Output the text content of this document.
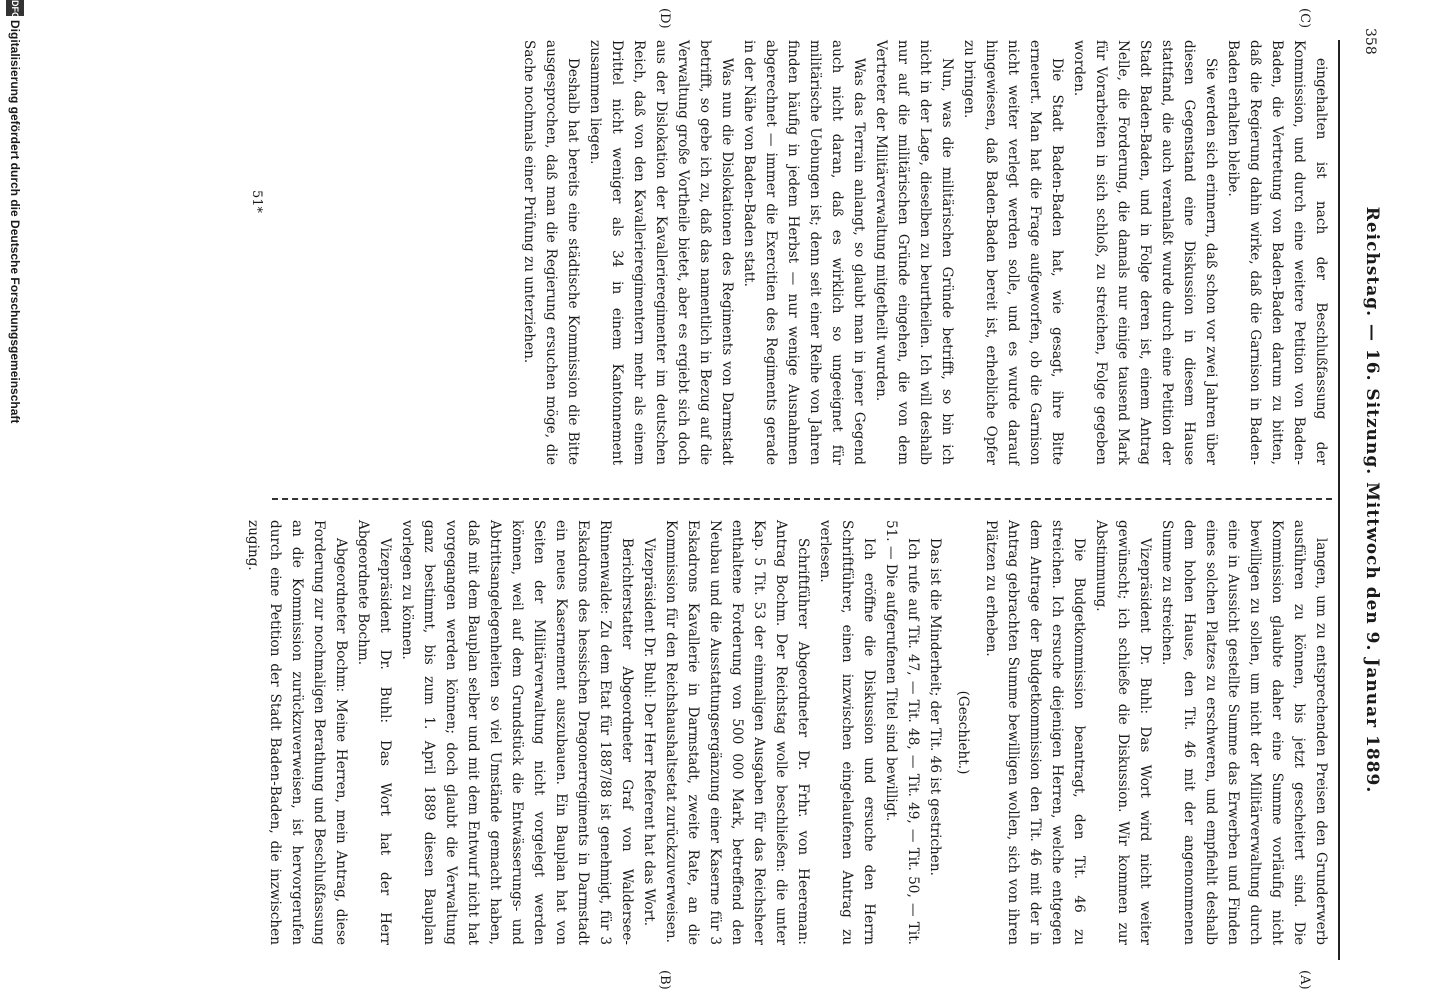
358
Reichstag. — 16. Sitzung. Mittwoch den 9. Januar 1889.
(C)
(D)
(A)
(B)

eingehalten ist nach der Beschlußfassung der Kommission, und durch eine weitere Petition von Baden-Baden, die Vertretung von Baden-Baden darum zu bitten, daß die Regierung dahin wirke, daß die Garnison in Baden-Baden erhalten bleibe.

Sie werden sich erinnern, daß schon vor zwei Jahren über diesen Gegenstand eine Diskussion in diesem Hause stattfand, die auch veranlaßt wurde durch eine Petition der Stadt Baden-Baden, und in Folge deren ist, einem Antrag Nelle, die Forderung, die damals nur einige tausend Mark für Vorarbeiten in sich schloß, zu streichen, Folge gegeben worden.

Die Stadt Baden-Baden hat, wie gesagt, ihre Bitte erneuert. Man hat die Frage aufgeworfen, ob die Garnison nicht weiter verlegt werden solle, und es wurde darauf hingewiesen, daß Baden-Baden bereit ist, erhebliche Opfer zu bringen.

Nun, was die militärischen Gründe betrifft, so bin ich nicht in der Lage, dieselben zu beurtheilen. Ich will deshalb nur auf die militärischen Gründe eingehen, die von dem Vertreter der Militärverwaltung mitgetheilt wurden.

Was das Terrain anlangt, so glaubt man in jener Gegend auch nicht daran, daß es wirklich so ungeeignet für militärische Uebungen ist; denn seit einer Reihe von Jahren finden häufig in jedem Herbst — nur wenige Ausnahmen abgerechnet — immer die Exercitien des Regiments gerade in der Nähe von Baden-Baden statt.

Was nun die Dislokationen des Regiments von Darmstadt betrifft, so gebe ich zu, daß das namentlich in Bezug auf die Verwaltung große Vortheile bietet, aber es ergiebt sich doch aus der Dislokation der Kavallerieregimenter im deutschen Reich, daß von den Kavallerieregimentern mehr als einem Drittel nicht weniger als 34 in einem Kantonnement zusammen liegen.

Deshalb hat bereits eine städtische Kommission die Bitte ausgesprochen, daß man die Regierung ersuchen möge, die Sache nochmals einer Prüfung zu unterziehen.

langen, um zu entsprechenden Preisen den Grunderwerb ausführen zu können, bis jetzt gescheitert sind. Die Kommission glaubte daher eine Summe vorläufig nicht bewilligen zu sollen, um nicht der Militärverwaltung durch eine in Aussicht gestellte Summe das Erwerben und Finden eines solchen Platzes zu erschweren, und empfiehlt deshalb dem hohen Hause, den Tit. 46 mit der angenommenen Summe zu streichen.

Vizepräsident Dr. Buhl: Das Wort wird nicht weiter gewünscht; ich schließe die Diskussion. Wir kommen zur Abstimmung.

Die Budgetkommission beantragt, den Tit. 46 zu streichen. Ich ersuche diejenigen Herren, welche entgegen dem Antrage der Budgetkommission den Tit. 46 mit der in Antrag gebrachten Summe bewilligen wollen, sich von ihren Plätzen zu erheben.

(Geschieht.)

Das ist die Minderheit; der Tit. 46 ist gestrichen.

Ich rufe auf Tit. 47, — Tit. 48, — Tit. 49, — Tit. 50, — Tit. 51. — Die aufgerufenen Titel sind bewilligt.

Ich eröffne die Diskussion und ersuche den Herrn Schriftführer, einen inzwischen eingelaufenen Antrag zu verlesen.

Schriftführer Abgeordneter Dr. Frhr. von Heereman: Antrag Bochm. Der Reichstag wolle beschließen: die unter Kap. 5 Tit. 53 der einmaligen Ausgaben für das Reichsheer enthaltene Forderung von 500 000 Mark, betreffend den Neubau und die Ausstattungsergänzung einer Kaserne für 3 Eskadrons Kavallerie in Darmstadt, zweite Rate, an die Kommission für den Reichshaushaltsetat zurückzuverweisen.

Vizepräsident Dr. Buhl: Der Herr Referent hat das Wort.

Berichterstatter Abgeordneter Graf von Waldersee-Rinnenwalde: Zu dem Etat für 1887/88 ist genehmigt, für 3 Eskadrons des hessischen Dragonerregiments in Darmstadt ein neues Kasernement auszubauen. Ein Bauplan hat von Seiten der Militärverwaltung nicht vorgelegt werden können, weil auf dem Grundstück die Entwässerungs- und Abtrittsangelegenheiten so viel Umstände gemacht haben, daß mit dem Bauplan selber und mit dem Entwurf nicht hat vorgegangen werden können; doch glaubt die Verwaltung ganz bestimmt, bis zum 1. April 1889 diesen Bauplan vorlegen zu können.

Vizepräsident Dr. Buhl: Das Wort hat der Herr Abgeordnete Bochm.

Abgeordneter Bochm: Meine Herren, mein Antrag, diese Forderung zur nochmaligen Berathung und Beschlußfassung an die Kommission zurückzuverweisen, ist hervorgerufen durch eine Petition der Stadt Baden-Baden, die inzwischen zuging.

51*
DFG
Digitalisierung gefördert durch die Deutsche Forschungsgemeinschaft
